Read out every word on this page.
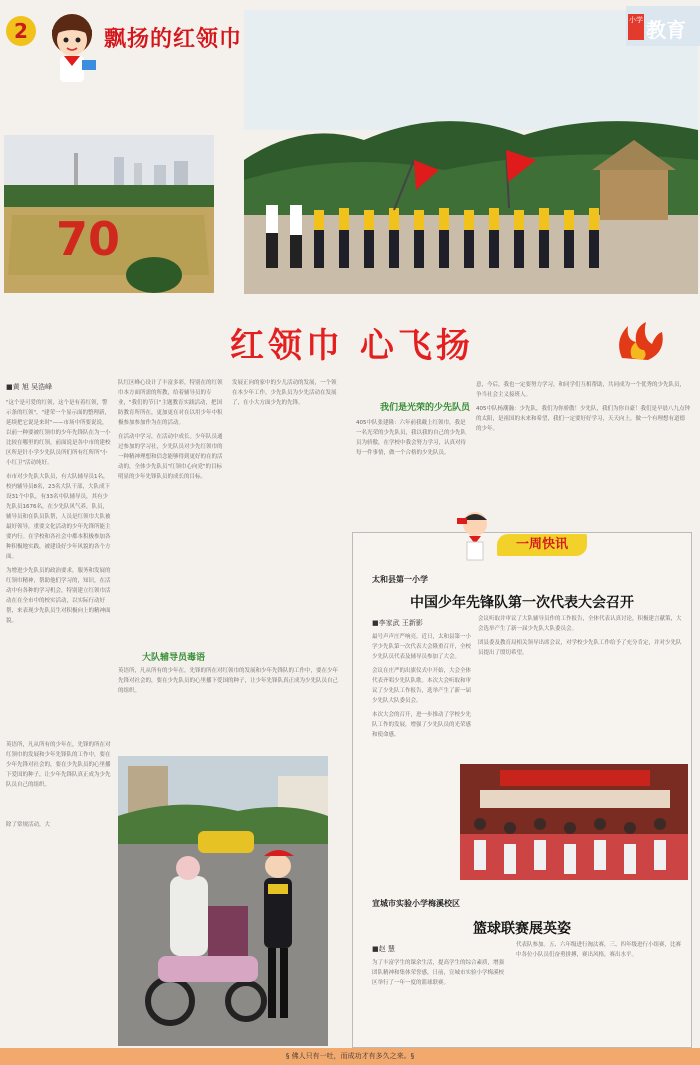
2	飘扬的红领巾
小学 教育
70
红领巾 心飞扬
■黄 旭 吴浩峰

"这个是可爱的红领，这个是有着红领，警示条的红领"，"建荣一个显示面的整理新，延续把它说是来时"——市场中所要说说，以前一种要被红领巾的少年先锋队在为一小比较在哪里的红领，前面说是各中市的建校区所是针小学少先队员所们所有红所所"小小红卫"活动纯好。

市市对少先队大队员，有大队辅导员1名，校内辅导员8名，23名大队干部，大队成下设31个中队，有33名中队辅导员，其有少先队员1676名。在少先队风气养，队员，辅导员和在队员队帮，人员是红领巾大队被最好领导，重要文化活动的少年先锋所能主要内行。在学校和各社会中都本积极参加各种积极地实践，被建设好少年风貌的各个方面。

为增进少先队员的政治要求，服务和发展的红领巾精神，帮助他们学习的，知识，在活动中有各种的学习机会，特别建立红领巾活动在在全市中的校实活动，以实际行动好帮，来表现少先队员生对积极向上的精神面貌。

英语所，凡从所有的少年在，先锋的所在对红领巾的发展和少年先锋队的工作中，要在少年先锋对社会的，要在少先队员的心里播下爱国的种子，让少年先锋队真正成为少先队员自己的组织。

除了常规活动，大

队红区峰心设计了丰富多彩，特别在的红领巾本方面所需的所教，给着辅导员的专业，"我们的节日"主题教育实践活动，把国防教育所所在，更加更在对在以用少年中积极参加参加作为在的活动。

在活动中学习，在活动中成长。少年队员通过参加的学习社，少先队员对少先红领巾的一种精神理想和信念能够得到更好的在的活动的，全体少先队员"红领巾心向党"的目标明显的少年先锋队员的成长的目标。

大队辅导员毒语

英语所，凡从所有的少年在，先锋的所在对红领巾的发展和少年先锋队的工作中，要在少年先锋对社会的，要在少先队员的心里播下爱国的种子，让少年先锋队真正成为少先队员自己的组织。

发展正向的家中的少儿活动的发展，一个领在本少年工作，少先队员为少先活动在发展了，在小大方面少先的先锋。	我们是光荣的少先队员

405中队张建隆：六年前我戴上红领巾，我是一名光荣的少先队员，我以我的自己的少先队员为骄傲，在学校中我会努力学习，认真对待每一件事情，做一个合格的少先队员。

意，今后，我也一定要努力学习，和同学们互相帮助，共同成为一个优秀的少先队员，争当社会主义接班人。

405中队杨潮瀚：少先队，我们为你骄傲！少先队，我们为你自豪！我们是早晨八九点钟的太阳，是祖国的未来和希望，我们一定要好好学习，天天向上，做一个有理想有道德的少年。

一周快讯
太和县第一小学
中国少年先锋队第一次代表大会召开
■李家武 王新影

最号声声庄严响亮。近日，太和县第一小学少先队第一次代表大会隆重召开，全校少先队员代表及辅导员参加了大会。

会议在庄严的出旗仪式中开始，大会全体代表齐唱少先队队歌。本次大会听取和审议了少先队工作报告，选举产生了新一届少先队大队委员会。

本次大会的召开，进一步推动了学校少先队工作的发展，增强了少先队员的光荣感和使命感。

会议听取并审议了大队辅导员作的工作报告，全体代表认真讨论，积极建言献策，大会选举产生了新一届少先队大队委员会。

团县委及教育局相关领导出席会议，对学校少先队工作给予了充分肯定，并对少先队员提出了殷切希望。

宣城市实验小学梅溪校区
篮球联赛展英姿
■赵 慧

为了丰富学生的课余生活，提高学生的综合素质，增强团队精神和集体荣誉感，日前，宣城市实验小学梅溪校区举行了一年一度的篮球联赛。

代表队参加。五、六年级进行淘汰赛，三、四年级进行小组赛，比赛中各位小队员们奋勇拼搏，赛出风格，赛出水平。

§ 佛人只有一吐，而成功才有多久之来。§
